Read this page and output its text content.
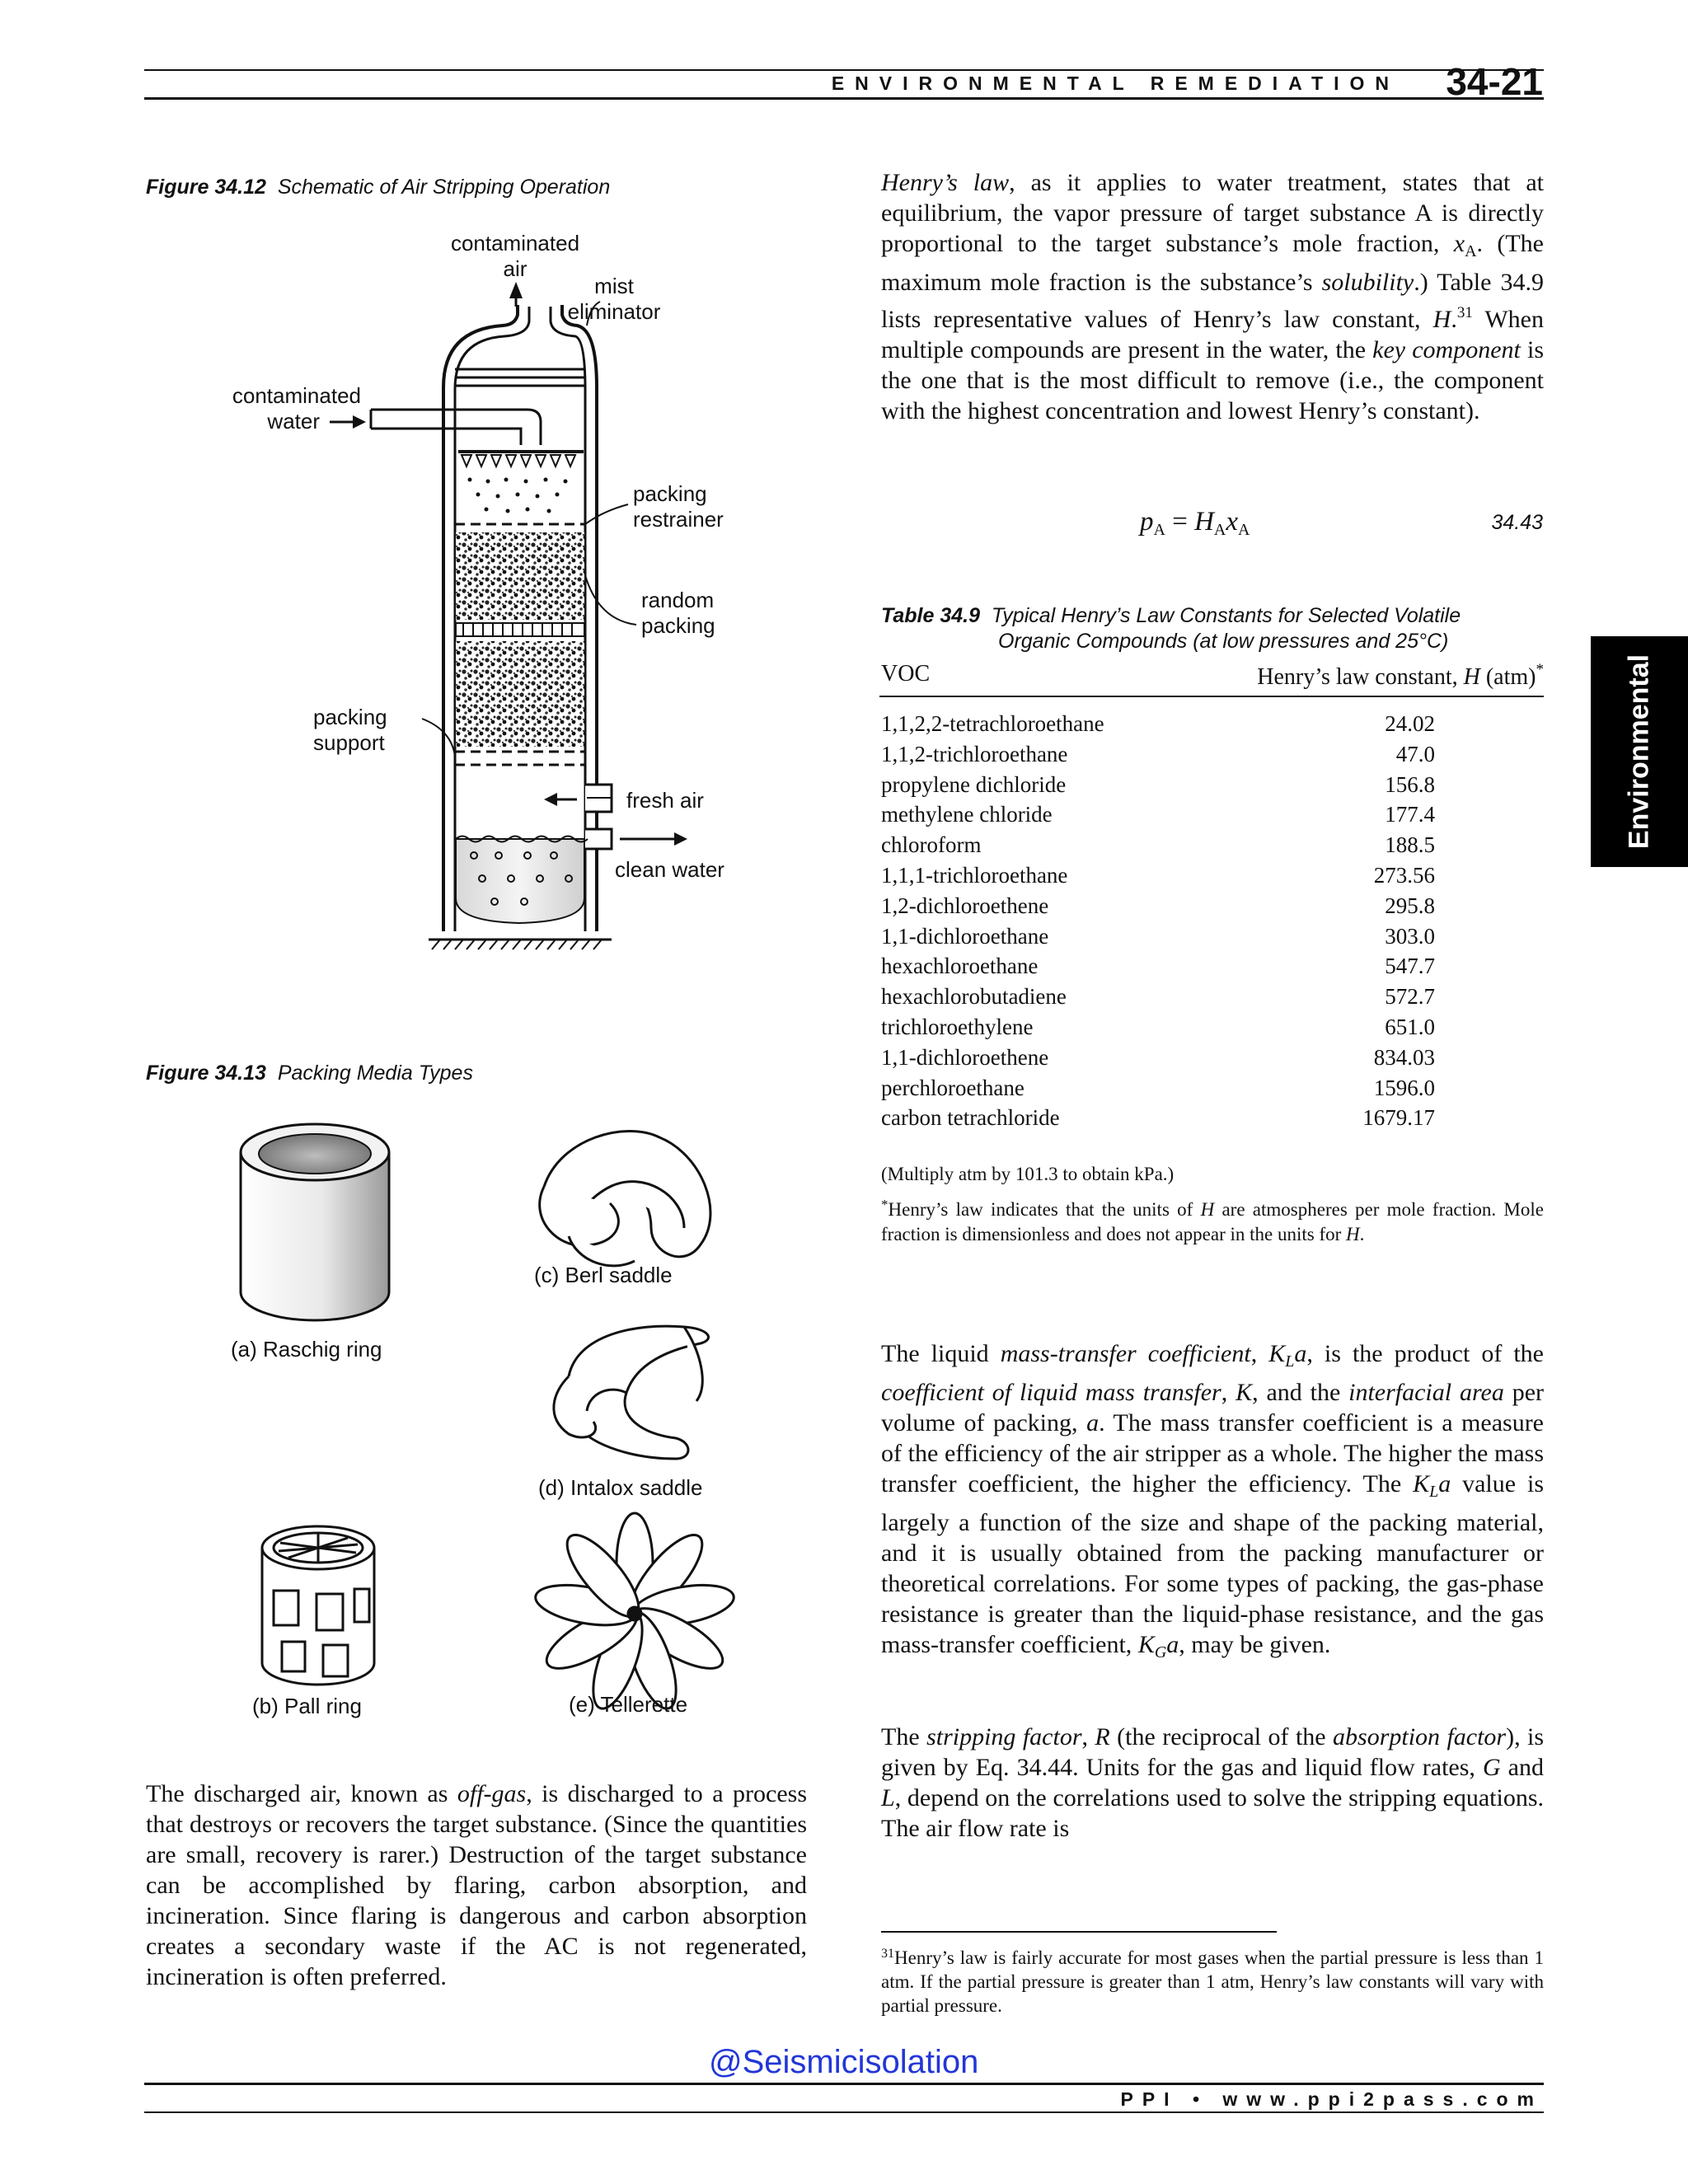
ENVIRONMENTAL REMEDIATION 34-21
Figure 34.12 Schematic of Air Stripping Operation
contaminated
air
mist
eliminator
contaminated
water
packing
restrainer
random
packing
packing
support
fresh air
clean water
Figure 34.13 Packing Media Types
(a) Raschig ring
(c) Berl saddle
(d) Intalox saddle
(b) Pall ring	(e) Tellerette
The discharged air, known as off-gas, is discharged to a process that destroys or recovers the target substance. (Since the quantities are small, recovery is rarer.) Destruction of the target substance can be accomplished by flaring, carbon absorption, and incineration. Since flaring is dangerous and carbon absorption creates a secondary waste if the AC is not regenerated, incineration is often preferred.
Henry’s law, as it applies to water treatment, states that at equilibrium, the vapor pressure of target substance A is directly proportional to the target substance’s mole fraction, $x_A$. (The maximum mole fraction is the substance’s solubility.) Table 34.9 lists representative values of Henry’s law constant, H.$^{31}$ When multiple compounds are present in the water, the key component is the one that is the most difficult to remove (i.e., the component with the highest concentration and lowest Henry’s constant).
$p_A = H_Ax_A$	34.43
Table 34.9 Typical Henry’s Law Constants for Selected Volatile
Organic Compounds (at low pressures and 25°C)
VOC	Henry’s law constant, H (atm)*
1,1,2,2-tetrachloroethane	24.02
1,1,2-trichloroethane	47.0
propylene dichloride	156.8
methylene chloride	177.4
chloroform	188.5
1,1,1-trichloroethane	273.56
1,2-dichloroethene	295.8
1,1-dichloroethane	303.0
hexachloroethane	547.7
hexachlorobutadiene	572.7
trichloroethylene	651.0
1,1-dichloroethene	834.03
perchloroethane	1596.0
carbon tetrachloride	1679.17
(Multiply atm by 101.3 to obtain kPa.)
*Henry’s law indicates that the units of H are atmospheres per mole fraction. Mole fraction is dimensionless and does not appear in the units for H.
The liquid mass-transfer coefficient, $K_La$, is the product of the coefficient of liquid mass transfer, K, and the interfacial area per volume of packing, a. The mass transfer coefficient is a measure of the efficiency of the air stripper as a whole. The higher the mass transfer coefficient, the higher the efficiency. The $K_La$ value is largely a function of the size and shape of the packing material, and it is usually obtained from the packing manufacturer or theoretical correlations. For some types of packing, the gas-phase resistance is greater than the liquid-phase resistance, and the gas mass-transfer coefficient, $K_Ga$, may be given.
The stripping factor, R (the reciprocal of the absorption factor), is given by Eq. 34.44. Units for the gas and liquid flow rates, G and L, depend on the correlations used to solve the stripping equations. The air flow rate is
$^{31}$Henry’s law is fairly accurate for most gases when the partial pressure is less than 1 atm. If the partial pressure is greater than 1 atm, Henry’s law constants will vary with partial pressure.
Environmental
@Seismicisolation
PPI • www.ppi2pass.com
